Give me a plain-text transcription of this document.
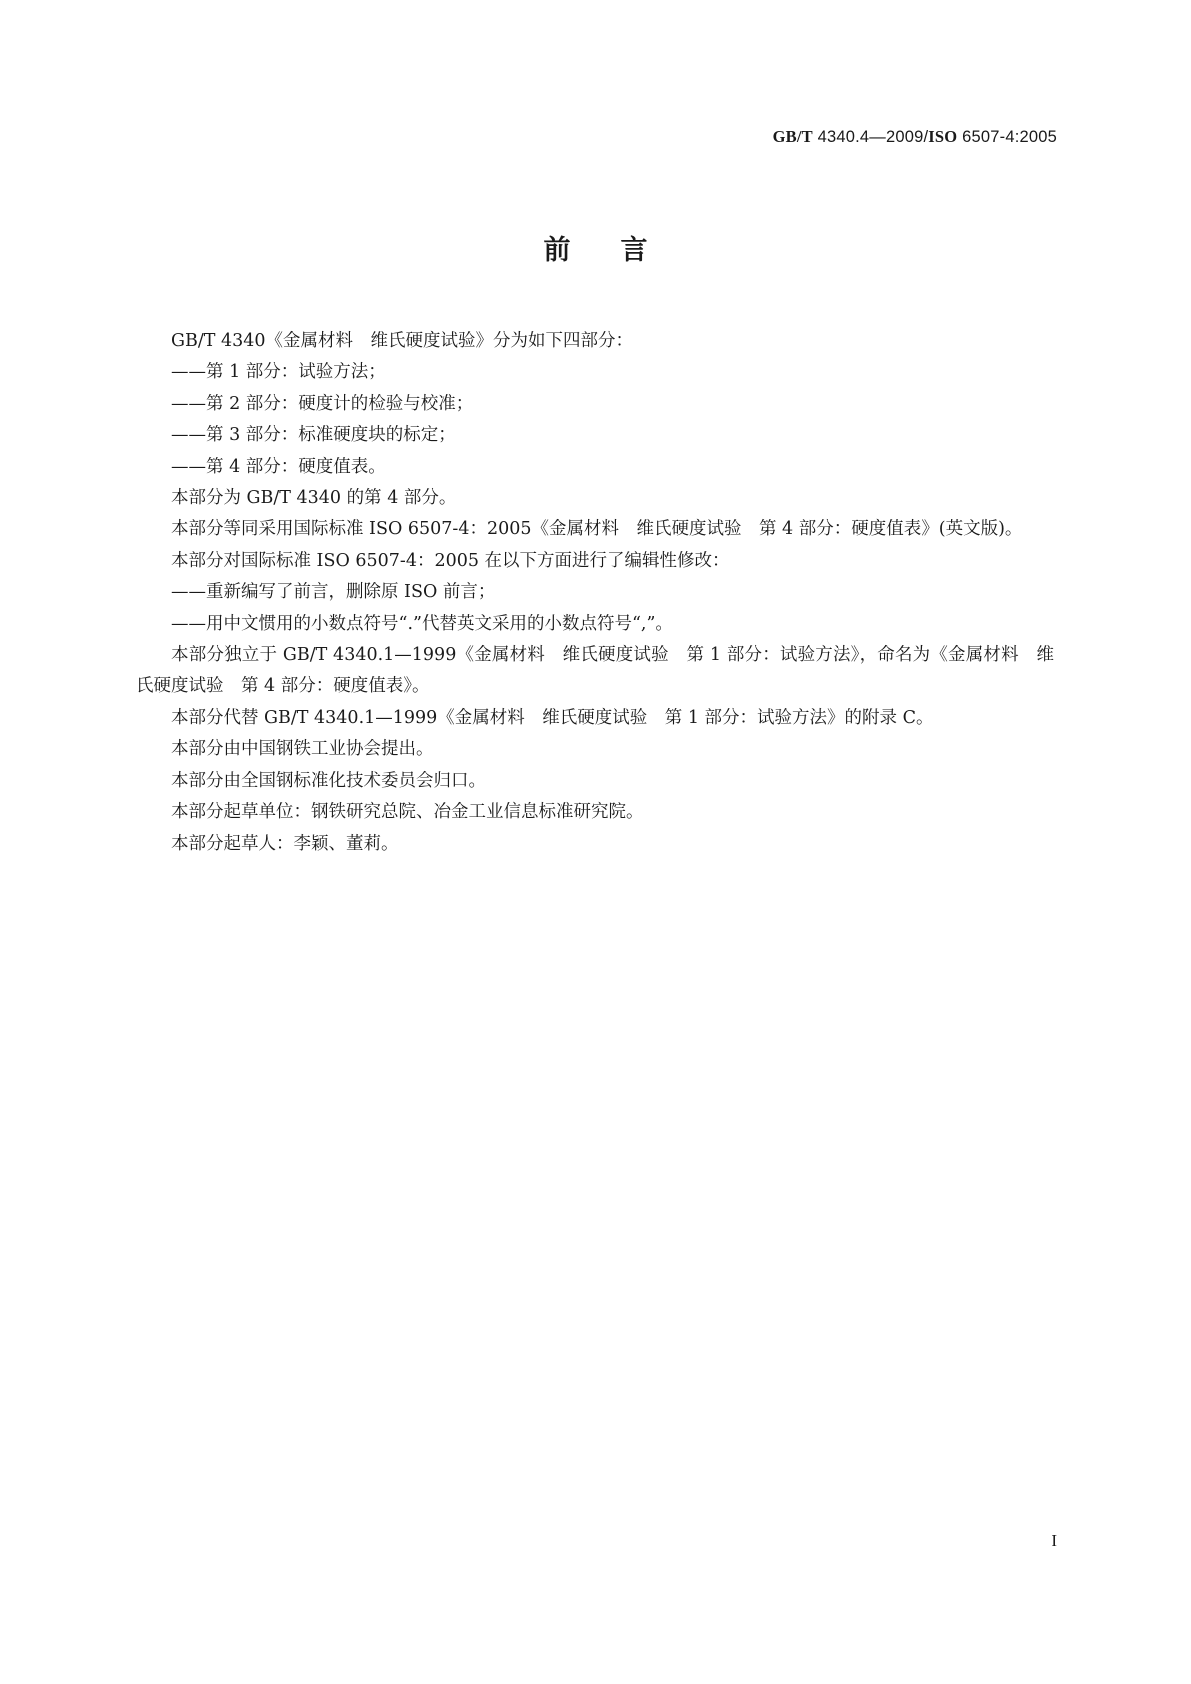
GB/T 4340.4—2009/ISO 6507-4:2005
前言

GB/T 4340《金属材料　维氏硬度试验》分为如下四部分：

——第 1 部分：试验方法；

——第 2 部分：硬度计的检验与校准；

——第 3 部分：标准硬度块的标定；

——第 4 部分：硬度值表。

本部分为 GB/T 4340 的第 4 部分。

本部分等同采用国际标准 ISO 6507-4：2005《金属材料　维氏硬度试验　第 4 部分：硬度值表》(英文版)。

本部分对国际标准 ISO 6507-4：2005 在以下方面进行了编辑性修改：

——重新编写了前言，删除原 ISO 前言；

——用中文惯用的小数点符号“.”代替英文采用的小数点符号“,”。

本部分独立于 GB/T 4340.1—1999《金属材料　维氏硬度试验　第 1 部分：试验方法》，命名为《金属材料　维氏硬度试验　第 4 部分：硬度值表》。

本部分代替 GB/T 4340.1—1999《金属材料　维氏硬度试验　第 1 部分：试验方法》的附录 C。

本部分由中国钢铁工业协会提出。

本部分由全国钢标准化技术委员会归口。

本部分起草单位：钢铁研究总院、冶金工业信息标准研究院。

本部分起草人：李颖、董莉。

I
